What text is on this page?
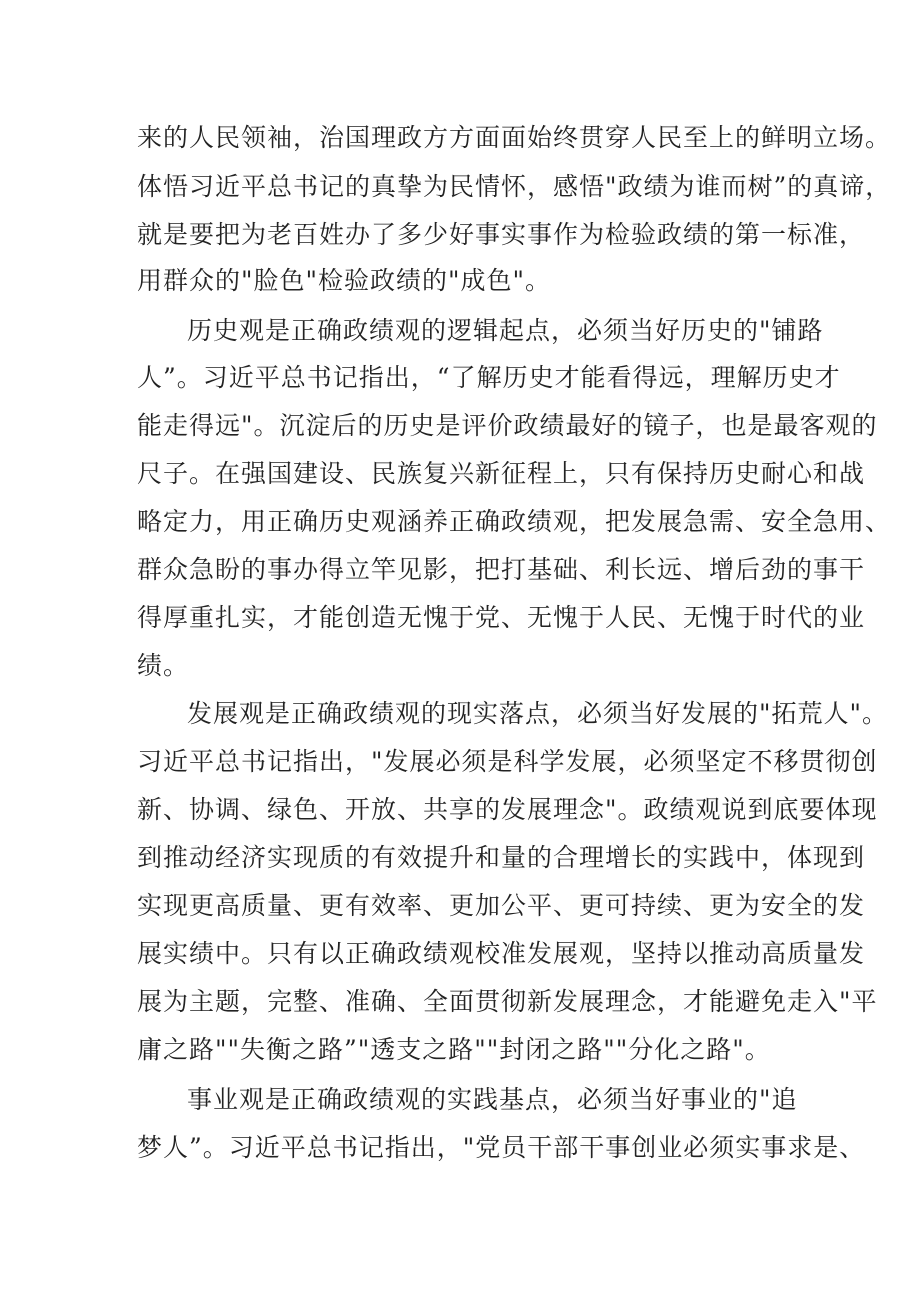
来的人民领袖，治国理政方方面面始终贯穿人民至上的鲜明立场。
体悟习近平总书记的真挚为民情怀，感悟"政绩为谁而树”的真谛，
就是要把为老百姓办了多少好事实事作为检验政绩的第一标准，
用群众的"脸色"检验政绩的"成色"。
历史观是正确政绩观的逻辑起点，必须当好历史的"铺路
人”。习近平总书记指出，“了解历史才能看得远，理解历史才
能走得远"。沉淀后的历史是评价政绩最好的镜子，也是最客观的
尺子。在强国建设、民族复兴新征程上，只有保持历史耐心和战
略定力，用正确历史观涵养正确政绩观，把发展急需、安全急用、
群众急盼的事办得立竿见影，把打基础、利长远、增后劲的事干
得厚重扎实，才能创造无愧于党、无愧于人民、无愧于时代的业
绩。
发展观是正确政绩观的现实落点，必须当好发展的"拓荒人"。
习近平总书记指出，"发展必须是科学发展，必须坚定不移贯彻创
新、协调、绿色、开放、共享的发展理念"。政绩观说到底要体现
到推动经济实现质的有效提升和量的合理增长的实践中，体现到
实现更高质量、更有效率、更加公平、更可持续、更为安全的发
展实绩中。只有以正确政绩观校准发展观，坚持以推动高质量发
展为主题，完整、准确、全面贯彻新发展理念，才能避免走入"平
庸之路""失衡之路”"透支之路""封闭之路""分化之路"。
事业观是正确政绩观的实践基点，必须当好事业的"追
梦人”。习近平总书记指出，"党员干部干事创业必须实事求是、
